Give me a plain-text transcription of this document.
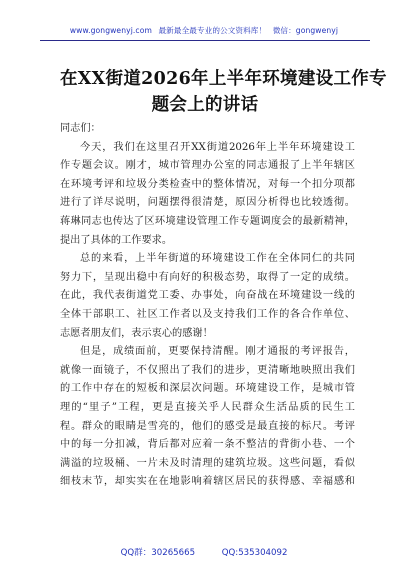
www.gongwenyj.com 最新最全最专业的公文资料库！ 微信：gongwenyj
在XX街道2026年上半年环境建设工作专
题会上的讲话
同志们：
今天，我们在这里召开XX街道2026年上半年环境建设工
作专题会议。刚才，城市管理办公室的同志通报了上半年辖区
在环境考评和垃圾分类检查中的整体情况，对每一个扣分项都
进行了详尽说明，问题摆得很清楚，原因分析得也比较透彻。
蒋琳同志也传达了区环境建设管理工作专题调度会的最新精神，
提出了具体的工作要求。
总的来看，上半年街道的环境建设工作在全体同仁的共同
努力下，呈现出稳中有向好的积极态势，取得了一定的成绩。
在此，我代表街道党工委、办事处，向奋战在环境建设一线的
全体干部职工、社区工作者以及支持我们工作的各合作单位、
志愿者朋友们，表示衷心的感谢！
但是，成绩面前，更要保持清醒。刚才通报的考评报告，
就像一面镜子，不仅照出了我们的进步，更清晰地映照出我们
的工作中存在的短板和深层次问题。环境建设工作，是城市管
理的“里子”工程，更是直接关乎人民群众生活品质的民生工
程。群众的眼睛是雪亮的，他们的感受是最直接的标尺。考评
中的每一分扣减，背后都对应着一条不整洁的背街小巷、一个
满溢的垃圾桶、一片未及时清理的建筑垃圾。这些问题，看似
细枝末节，却实实在在地影响着辖区居民的获得感、幸福感和
QQ群：30265665	QQ:535304092
